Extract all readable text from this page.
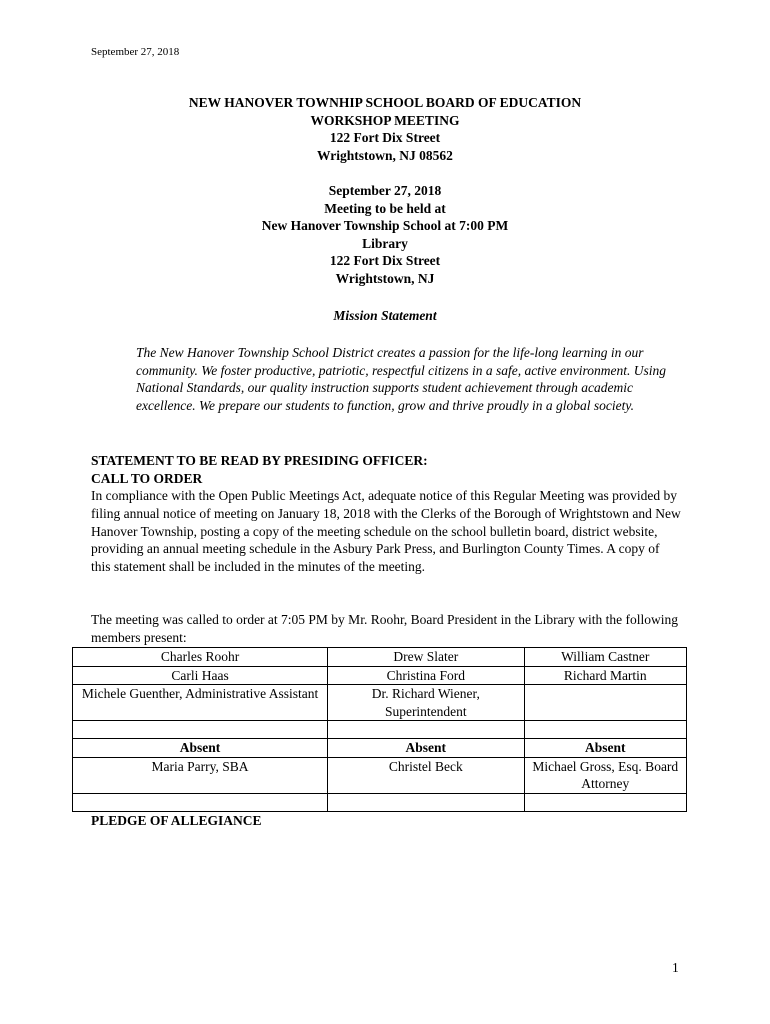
September 27, 2018
NEW HANOVER TOWNHIP SCHOOL BOARD OF EDUCATION
WORKSHOP MEETING
122 Fort Dix Street
Wrightstown, NJ 08562
September 27, 2018
Meeting to be held at
New Hanover Township School at 7:00 PM
Library
122 Fort Dix Street
Wrightstown, NJ
Mission Statement
The New Hanover Township School District creates a passion for the life-long learning in our community. We foster productive, patriotic, respectful citizens in a safe, active environment. Using National Standards, our quality instruction supports student achievement through academic excellence. We prepare our students to function, grow and thrive proudly in a global society.
STATEMENT TO BE READ BY PRESIDING OFFICER:
CALL TO ORDER
In compliance with the Open Public Meetings Act, adequate notice of this Regular Meeting was provided by filing annual notice of meeting on January 18, 2018 with the Clerks of the Borough of Wrightstown and New Hanover Township, posting a copy of the meeting schedule on the school bulletin board, district website, providing an annual meeting schedule in the Asbury Park Press, and Burlington County Times. A copy of this statement shall be included in the minutes of the meeting.
The meeting was called to order at 7:05 PM by Mr. Roohr, Board President in the Library with the following members present:
Charles Roohr	Drew Slater	William Castner
Carli Haas	Christina Ford	Richard Martin
Michele Guenther, Administrative Assistant	Dr. Richard Wiener, Superintendent	

Absent	Absent	Absent
Maria Parry, SBA	Christel Beck	Michael Gross, Esq. Board Attorney

PLEDGE OF ALLEGIANCE
1
